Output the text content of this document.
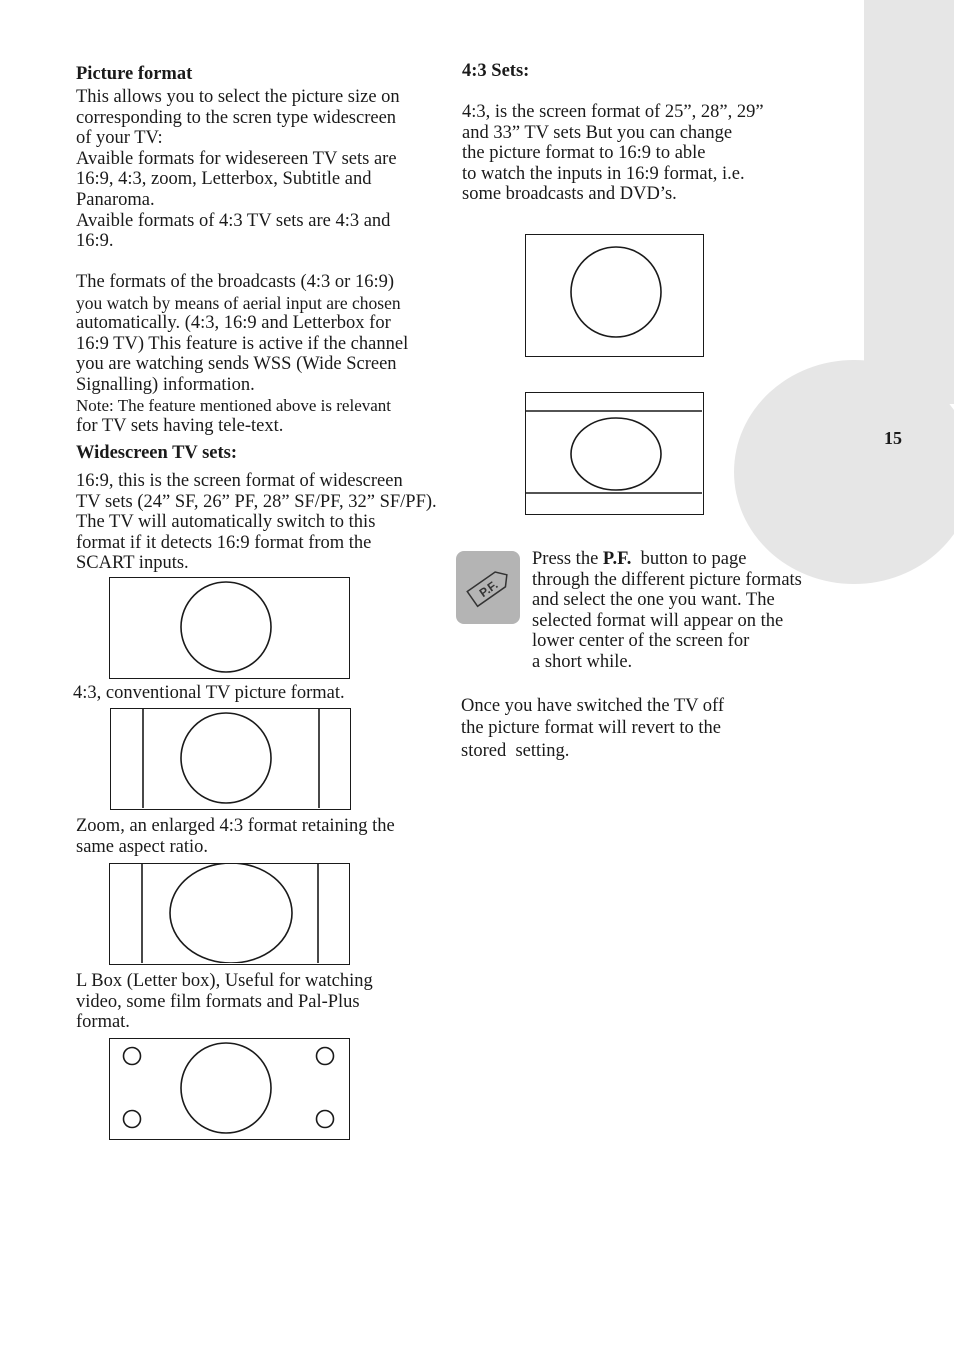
15
Picture format
This allows you to select the picture size on
corresponding to the scren type widescreen
of your TV:
Avaible formats for widesereen TV sets are
16:9, 4:3, zoom, Letterbox, Subtitle and
Panaroma.
Avaible formats of 4:3 TV sets are 4:3 and
16:9.
The formats of the broadcasts (4:3 or 16:9)
you watch by means of aerial input are chosen
automatically. (4:3, 16:9 and Letterbox for
16:9 TV) This feature is active if the channel
you are watching sends WSS (Wide Screen
Signalling) information.
Note: The feature mentioned above is relevant
for TV sets having tele-text.
Widescreen TV sets:
16:9, this is the screen format of widescreen
TV sets (24” SF, 26” PF, 28” SF/PF, 32” SF/PF).
The TV will automatically switch to this
format if it detects 16:9 format from the
SCART inputs.
4:3, conventional TV picture format.
Zoom, an enlarged 4:3 format retaining the
same aspect ratio.
L Box (Letter box), Useful for watching
video, some film formats and Pal-Plus
format.
4:3 Sets:
4:3, is the screen format of 25”, 28”, 29”
and 33” TV sets But you can change
the picture format to 16:9 to able
to watch the inputs in 16:9 format, i.e.
some broadcasts and DVD’s.
P.F.
Press the P.F.  button to page
through the different picture formats
and select the one you want. The
selected format will appear on the
lower center of the screen for
a short while.
Once you have switched the TV off
the picture format will revert to the
stored  setting.
